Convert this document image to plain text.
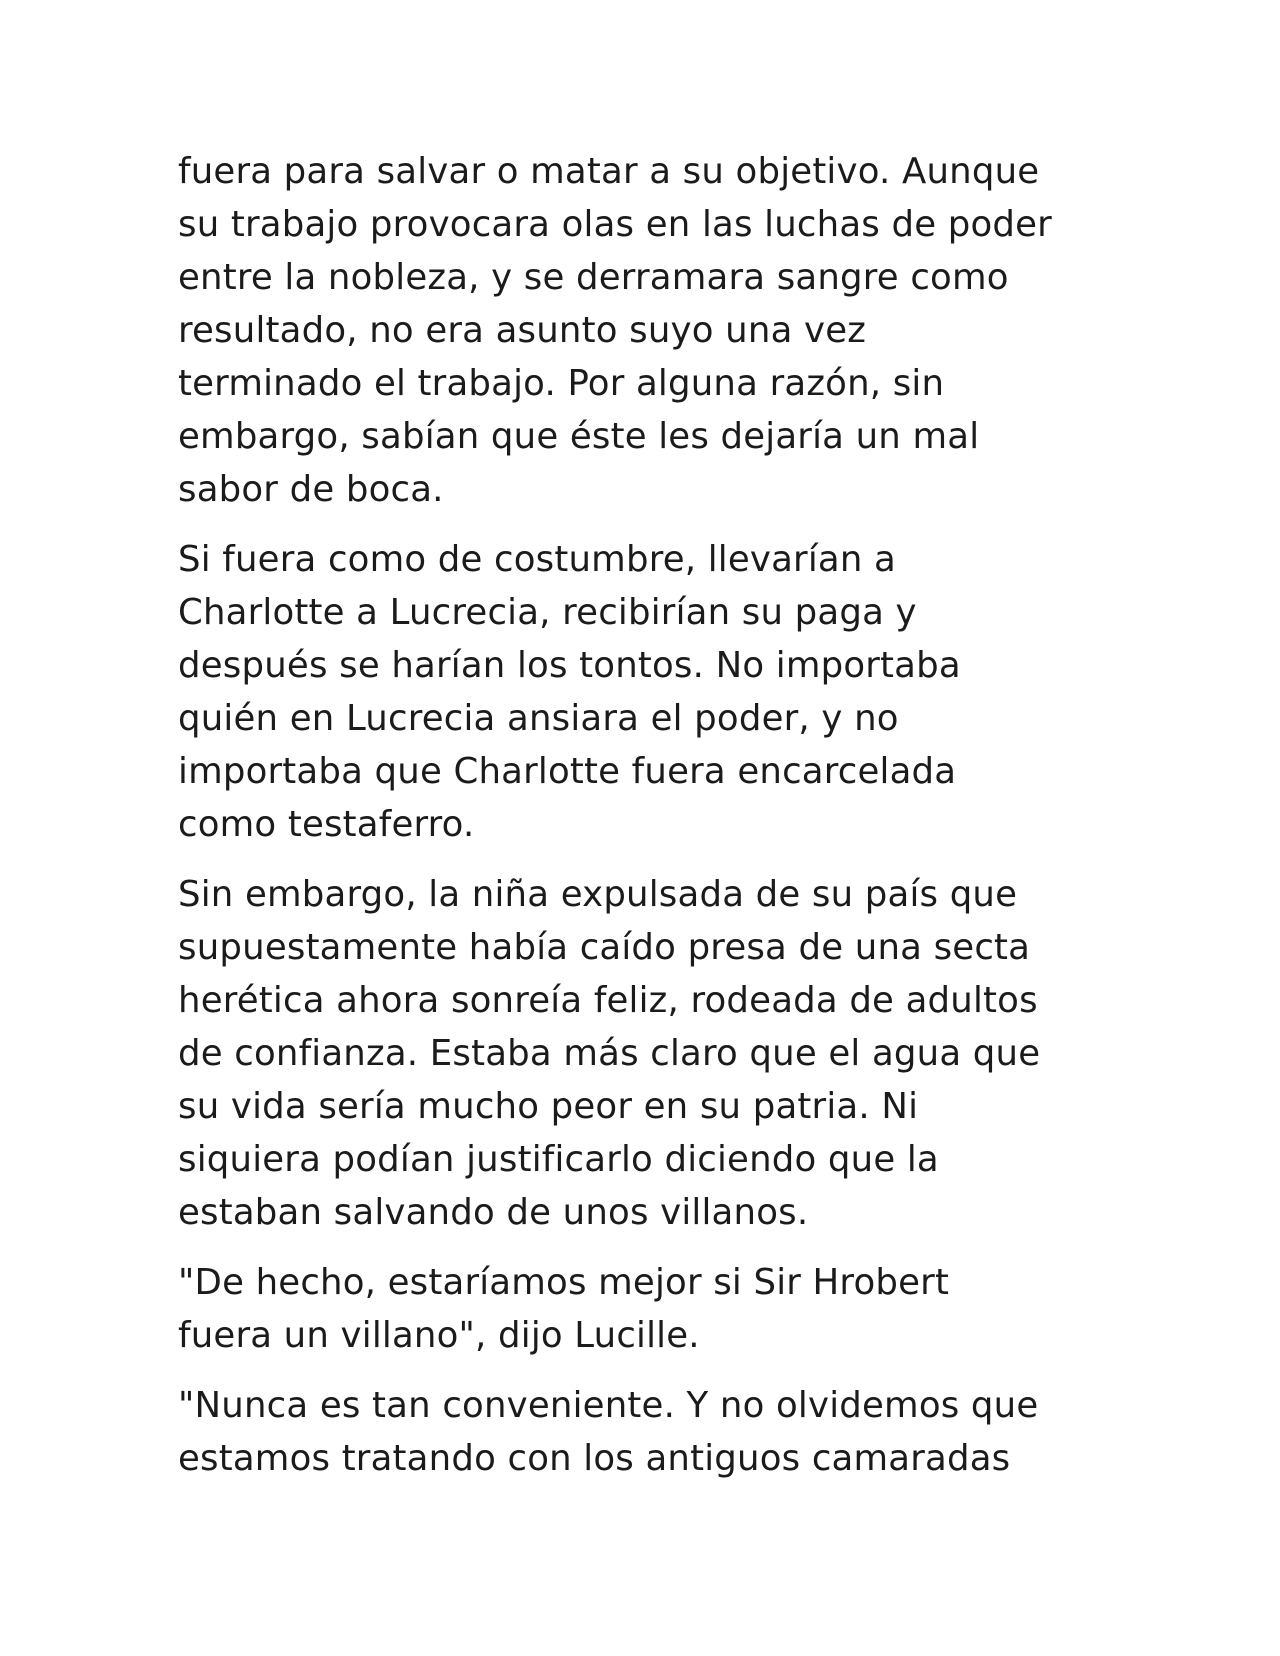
fuera para salvar o matar a su objetivo. Aunque
su trabajo provocara olas en las luchas de poder
entre la nobleza, y se derramara sangre como
resultado, no era asunto suyo una vez
terminado el trabajo. Por alguna razón, sin
embargo, sabían que éste les dejaría un mal
sabor de boca.

Si fuera como de costumbre, llevarían a
Charlotte a Lucrecia, recibirían su paga y
después se harían los tontos. No importaba
quién en Lucrecia ansiara el poder, y no
importaba que Charlotte fuera encarcelada
como testaferro.

Sin embargo, la niña expulsada de su país que
supuestamente había caído presa de una secta
herética ahora sonreía feliz, rodeada de adultos
de confianza. Estaba más claro que el agua que
su vida sería mucho peor en su patria. Ni
siquiera podían justificarlo diciendo que la
estaban salvando de unos villanos.

"De hecho, estaríamos mejor si Sir Hrobert
fuera un villano", dijo Lucille.

"Nunca es tan conveniente. Y no olvidemos que
estamos tratando con los antiguos camaradas
